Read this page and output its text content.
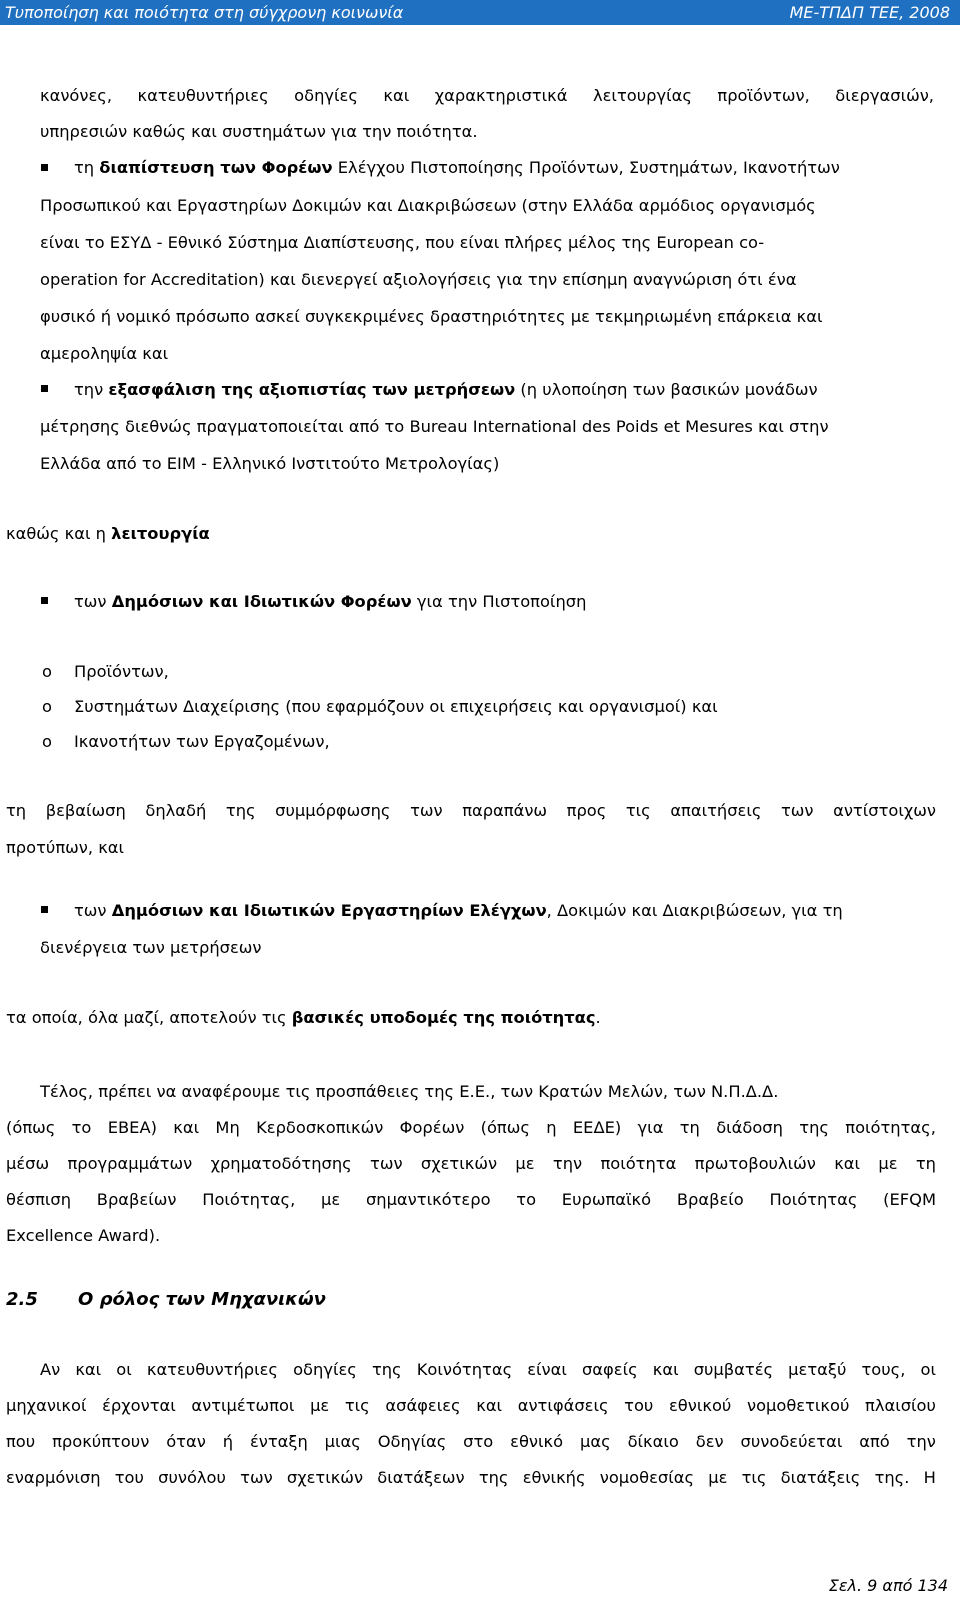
Τυποποίηση και ποιότητα στη σύγχρονη κοινωνία	ΜΕ-ΤΠΔΠ ΤΕΕ, 2008
κανόνες, κατευθυντήριες οδηγίες και χαρακτηριστικά λειτουργίας προϊόντων, διεργασιών,
υπηρεσιών καθώς και συστημάτων για την ποιότητα.
τη διαπίστευση των Φορέων Ελέγχου Πιστοποίησης Προϊόντων, Συστημάτων, Ικανοτήτων
Προσωπικού και Εργαστηρίων Δοκιμών και Διακριβώσεων (στην Ελλάδα αρμόδιος οργανισμός
είναι το ΕΣΥΔ - Εθνικό Σύστημα Διαπίστευσης, που είναι πλήρες μέλος της European co-
operation for Accreditation) και διενεργεί αξιολογήσεις για την επίσημη αναγνώριση ότι ένα
φυσικό ή νομικό πρόσωπο ασκεί συγκεκριμένες δραστηριότητες με τεκμηριωμένη επάρκεια και
αμεροληψία και
την εξασφάλιση της αξιοπιστίας των μετρήσεων (η υλοποίηση των βασικών μονάδων
μέτρησης διεθνώς πραγματοποιείται από το Bureau International des Poids et Mesures και στην
Ελλάδα από το ΕΙΜ - Ελληνικό Ινστιτούτο Μετρολογίας)
καθώς και η λειτουργία
των Δημόσιων και Ιδιωτικών Φορέων για την Πιστοποίηση
o Προϊόντων,
o Συστημάτων Διαχείρισης (που εφαρμόζουν οι επιχειρήσεις και οργανισμοί) και
o Ικανοτήτων των Εργαζομένων,
τη βεβαίωση δηλαδή της συμμόρφωσης των παραπάνω προς τις απαιτήσεις των αντίστοιχων
προτύπων, και
των Δημόσιων και Ιδιωτικών Εργαστηρίων Ελέγχων, Δοκιμών και Διακριβώσεων, για τη
διενέργεια των μετρήσεων
τα οποία, όλα μαζί, αποτελούν τις βασικές υποδομές της ποιότητας.
Τέλος, πρέπει να αναφέρουμε τις προσπάθειες της Ε.Ε., των Κρατών Μελών, των Ν.Π.Δ.Δ.
(όπως το ΕΒΕΑ) και Μη Κερδοσκοπικών Φορέων (όπως η ΕΕΔΕ) για τη διάδοση της ποιότητας,
μέσω προγραμμάτων χρηματοδότησης των σχετικών με την ποιότητα πρωτοβουλιών και με τη
θέσπιση Βραβείων Ποιότητας, με σημαντικότερο το Ευρωπαϊκό Βραβείο Ποιότητας (EFQM
Excellence Award).
2.5 Ο ρόλος των Μηχανικών
Αν και οι κατευθυντήριες οδηγίες της Κοινότητας είναι σαφείς και συμβατές μεταξύ τους, οι
μηχανικοί έρχονται αντιμέτωποι με τις ασάφειες και αντιφάσεις του εθνικού νομοθετικού πλαισίου
που προκύπτουν όταν ή ένταξη μιας Οδηγίας στο εθνικό μας δίκαιο δεν συνοδεύεται από την
εναρμόνιση του συνόλου των σχετικών διατάξεων της εθνικής νομοθεσίας με τις διατάξεις της. Η
Σελ. 9 από 134
